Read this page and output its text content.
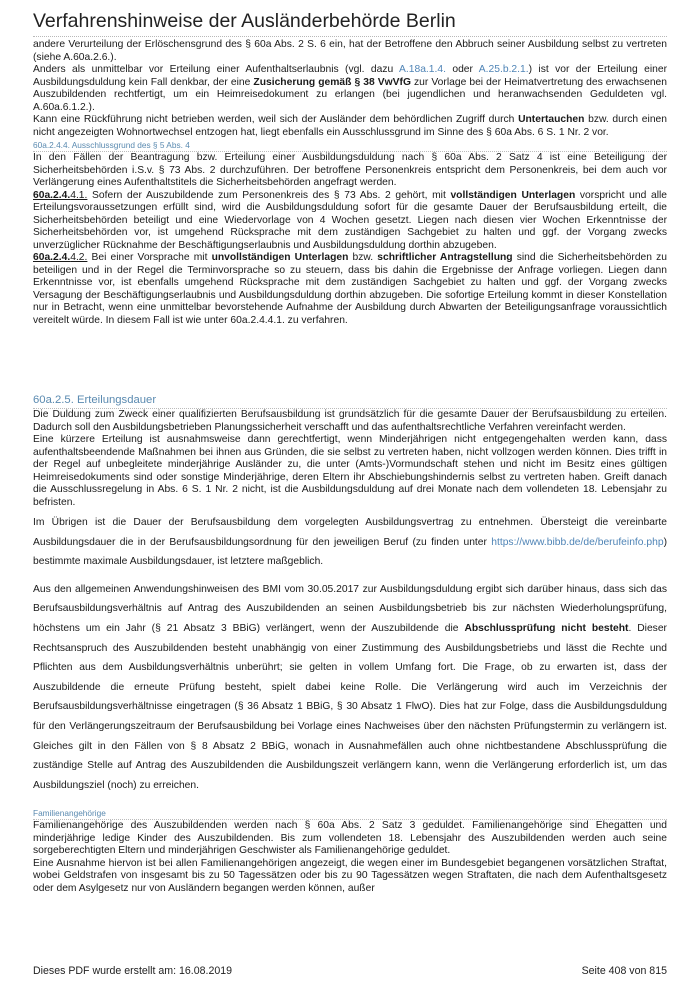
Verfahrenshinweise der Ausländerbehörde Berlin

andere Verurteilung der Erlöschensgrund des § 60a Abs. 2 S. 6 ein, hat der Betroffene den Abbruch seiner Ausbildung selbst zu vertreten (siehe A.60a.2.6.).

Anders als unmittelbar vor Erteilung einer Aufenthaltserlaubnis (vgl. dazu A.18a.1.4. oder A.25.b.2.1.) ist vor der Erteilung einer Ausbildungsduldung kein Fall denkbar, der eine Zusicherung gemäß § 38 VwVfG zur Vorlage bei der Heimatvertretung des erwachsenen Auszubildenden rechtfertigt, um ein Heimreisedokument zu erlangen (bei jugendlichen und heranwachsenden Geduldeten vgl. A.60a.6.1.2.).

Kann eine Rückführung nicht betrieben werden, weil sich der Ausländer dem behördlichen Zugriff durch Untertauchen bzw. durch einen nicht angezeigten Wohnortwechsel entzogen hat, liegt ebenfalls ein Ausschlussgrund im Sinne des § 60a Abs. 6 S. 1 Nr. 2 vor.

60a.2.4.4. Ausschlussgrund des § 5 Abs. 4

In den Fällen der Beantragung bzw. Erteilung einer Ausbildungsduldung nach § 60a Abs. 2 Satz 4 ist eine Beteiligung der Sicherheitsbehörden i.S.v. § 73 Abs. 2 durchzuführen. Der betroffene Personenkreis entspricht dem Personenkreis, bei dem auch vor Verlängerung eines Aufenthaltstitels die Sicherheitsbehörden angefragt werden.

60a.2.4.4.1. Sofern der Auszubildende zum Personenkreis des § 73 Abs. 2 gehört, mit vollständigen Unterlagen vorspricht und alle Erteilungsvoraussetzungen erfüllt sind, wird die Ausbildungsduldung sofort für die gesamte Dauer der Berufsausbildung erteilt, die Sicherheitsbehörden beteiligt und eine Wiedervorlage von 4 Wochen gesetzt. Liegen nach diesen vier Wochen Erkenntnisse der Sicherheitsbehörden vor, ist umgehend Rücksprache mit dem zuständigen Sachgebiet zu halten und ggf. der Vorgang zwecks unverzüglicher Rücknahme der Beschäftigungserlaubnis und Ausbildungsduldung dorthin abzugeben.

60a.2.4.4.2. Bei einer Vorsprache mit unvollständigen Unterlagen bzw. schriftlicher Antragstellung sind die Sicherheitsbehörden zu beteiligen und in der Regel die Terminvorsprache so zu steuern, dass bis dahin die Ergebnisse der Anfrage vorliegen. Liegen dann Erkenntnisse vor, ist ebenfalls umgehend Rücksprache mit dem zuständigen Sachgebiet zu halten und ggf. der Vorgang zwecks Versagung der Beschäftigungserlaubnis und Ausbildungsduldung dorthin abzugeben. Die sofortige Erteilung kommt in dieser Konstellation nur in Betracht, wenn eine unmittelbar bevorstehende Aufnahme der Ausbildung durch Abwarten der Beteiligungsanfrage voraussichtlich vereitelt würde. In diesem Fall ist wie unter 60a.2.4.4.1. zu verfahren.

60a.2.5. Erteilungsdauer

Die Duldung zum Zweck einer qualifizierten Berufsausbildung ist grundsätzlich für die gesamte Dauer der Berufsausbildung zu erteilen. Dadurch soll den Ausbildungsbetrieben Planungssicherheit verschafft und das aufenthaltsrechtliche Verfahren vereinfacht werden.

Eine kürzere Erteilung ist ausnahmsweise dann gerechtfertigt, wenn Minderjährigen nicht entgegengehalten werden kann, dass aufenthaltsbeendende Maßnahmen bei ihnen aus Gründen, die sie selbst zu vertreten haben, nicht vollzogen werden können. Dies trifft in der Regel auf unbegleitete minderjährige Ausländer zu, die unter (Amts-)Vormundschaft stehen und nicht im Besitz eines gültigen Heimreisedokuments sind oder sonstige Minderjährige, deren Eltern ihr Abschiebungshindernis selbst zu vertreten haben. Greift danach die Ausschlussregelung in Abs. 6 S. 1 Nr. 2 nicht, ist die Ausbildungsduldung auf drei Monate nach dem vollendeten 18. Lebensjahr zu befristen.

Im Übrigen ist die Dauer der Berufsausbildung dem vorgelegten Ausbildungsvertrag zu entnehmen. Übersteigt die vereinbarte Ausbildungsdauer die in der Berufsausbildungsordnung für den jeweiligen Beruf (zu finden unter https://www.bibb.de/de/berufeinfo.php) bestimmte maximale Ausbildungsdauer, ist letztere maßgeblich.

Aus den allgemeinen Anwendungshinweisen des BMI vom 30.05.2017 zur Ausbildungsduldung ergibt sich darüber hinaus, dass sich das Berufsausbildungsverhältnis auf Antrag des Auszubildenden an seinen Ausbildungsbetrieb bis zur nächsten Wiederholungsprüfung, höchstens um ein Jahr (§ 21 Absatz 3 BBiG) verlängert, wenn der Auszubildende die Abschlussprüfung nicht besteht. Dieser Rechtsanspruch des Auszubildenden besteht unabhängig von einer Zustimmung des Ausbildungsbetriebs und lässt die Rechte und Pflichten aus dem Ausbildungsverhältnis unberührt; sie gelten in vollem Umfang fort. Die Frage, ob zu erwarten ist, dass der Auszubildende die erneute Prüfung besteht, spielt dabei keine Rolle. Die Verlängerung wird auch im Verzeichnis der Berufsausbildungsverhältnisse eingetragen (§ 36 Absatz 1 BBiG, § 30 Absatz 1 FlwO). Dies hat zur Folge, dass die Ausbildungsduldung für den Verlängerungszeitraum der Berufsausbildung bei Vorlage eines Nachweises über den nächsten Prüfungstermin zu verlängern ist. Gleiches gilt in den Fällen von § 8 Absatz 2 BBiG, wonach in Ausnahmefällen auch ohne nichtbestandene Abschlussprüfung die zuständige Stelle auf Antrag des Auszubildenden die Ausbildungszeit verlängern kann, wenn die Verlängerung erforderlich ist, um das Ausbildungsziel (noch) zu erreichen.

Familienangehörige

Familienangehörige des Auszubildenden werden nach § 60a Abs. 2 Satz 3 geduldet. Familienangehörige sind Ehegatten und minderjährige ledige Kinder des Auszubildenden. Bis zum vollendeten 18. Lebensjahr des Auszubildenden werden auch seine sorgeberechtigten Eltern und minderjährigen Geschwister als Familienangehörige geduldet.

Eine Ausnahme hiervon ist bei allen Familienangehörigen angezeigt, die wegen einer im Bundesgebiet begangenen vorsätzlichen Straftat, wobei Geldstrafen von insgesamt bis zu 50 Tagessätzen oder bis zu 90 Tagessätzen wegen Straftaten, die nach dem Aufenthaltsgesetz oder dem Asylgesetz nur von Ausländern begangen werden können, außer

Dieses PDF wurde erstellt am: 16.08.2019	Seite 408 von 815
